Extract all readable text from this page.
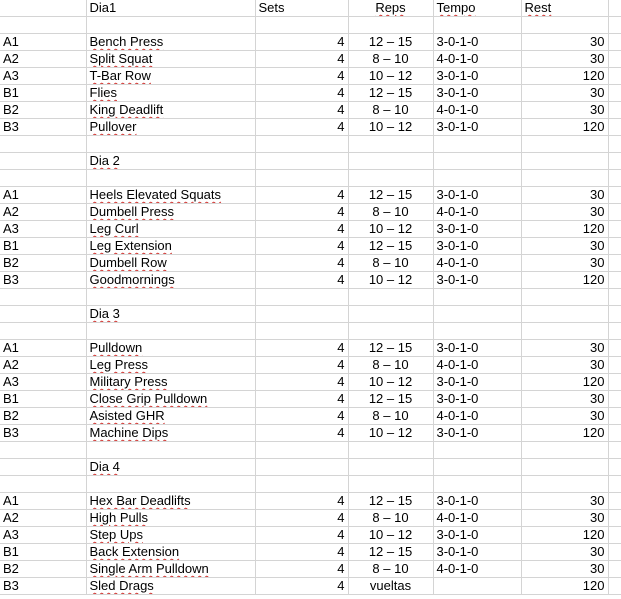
	Dia1	Sets	Reps	Tempo	Rest	

A1	Bench Press	4	12 – 15	3-0-1-0	30	
A2	Split Squat	4	8 – 10	4-0-1-0	30	
A3	T-Bar Row	4	10 – 12	3-0-1-0	120	
B1	Flies	4	12 – 15	3-0-1-0	30	
B2	King Deadlift	4	8 – 10	4-0-1-0	30	
B3	Pullover	4	10 – 12	3-0-1-0	120	

	Dia 2					

A1	Heels Elevated Squats	4	12 – 15	3-0-1-0	30	
A2	Dumbell Press	4	8 – 10	4-0-1-0	30	
A3	Leg Curl	4	10 – 12	3-0-1-0	120	
B1	Leg Extension	4	12 – 15	3-0-1-0	30	
B2	Dumbell Row	4	8 – 10	4-0-1-0	30	
B3	Goodmornings	4	10 – 12	3-0-1-0	120	

	Dia 3					

A1	Pulldown	4	12 – 15	3-0-1-0	30	
A2	Leg Press	4	8 – 10	4-0-1-0	30	
A3	Military Press	4	10 – 12	3-0-1-0	120	
B1	Close Grip Pulldown	4	12 – 15	3-0-1-0	30	
B2	Asisted GHR	4	8 – 10	4-0-1-0	30	
B3	Machine Dips	4	10 – 12	3-0-1-0	120	

	Dia 4					

A1	Hex Bar Deadlifts	4	12 – 15	3-0-1-0	30	
A2	High Pulls	4	8 – 10	4-0-1-0	30	
A3	Step Ups	4	10 – 12	3-0-1-0	120	
B1	Back Extension	4	12 – 15	3-0-1-0	30	
B2	Single Arm Pulldown	4	8 – 10	4-0-1-0	30	
B3	Sled Drags	4	vueltas		120	
